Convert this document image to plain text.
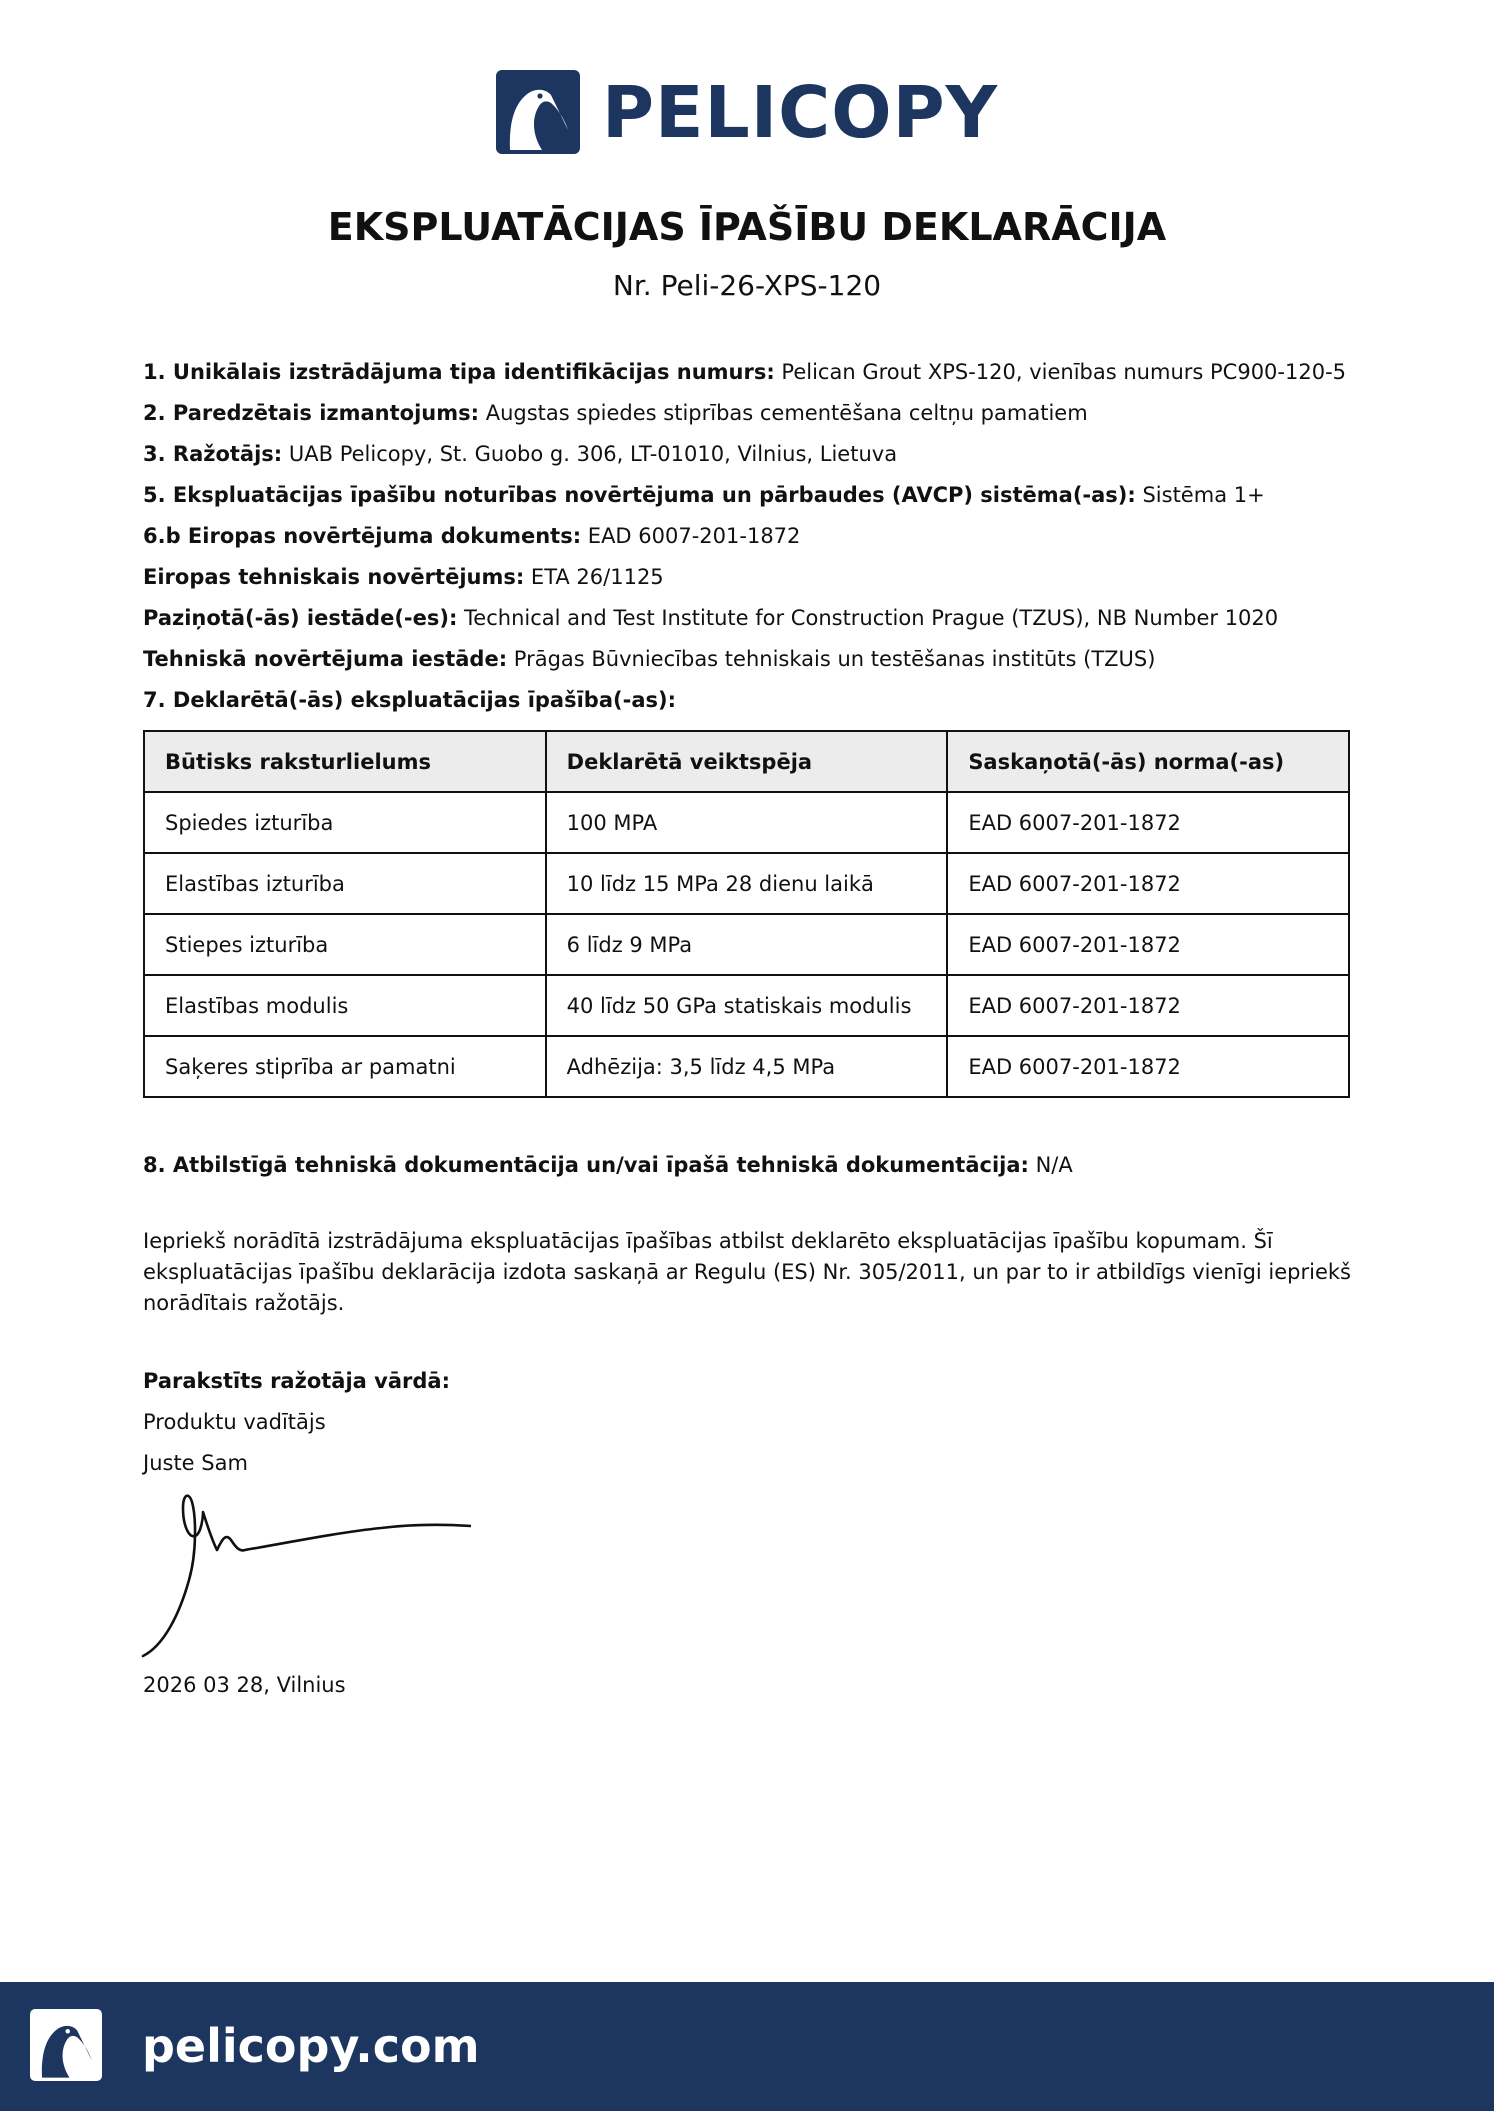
PELICOPY
EKSPLUATĀCIJAS ĪPAŠĪBU DEKLARĀCIJA
Nr. Peli-26-XPS-120
1. Unikālais izstrādājuma tipa identifikācijas numurs: Pelican Grout XPS-120, vienības numurs PC900-120-5
2. Paredzētais izmantojums: Augstas spiedes stiprības cementēšana celtņu pamatiem
3. Ražotājs: UAB Pelicopy, St. Guobo g. 306, LT-01010, Vilnius, Lietuva
5. Ekspluatācijas īpašību noturības novērtējuma un pārbaudes (AVCP) sistēma(-as): Sistēma 1+
6.b Eiropas novērtējuma dokuments: EAD 6007-201-1872
Eiropas tehniskais novērtējums: ETA 26/1125
Paziņotā(-ās) iestāde(-es): Technical and Test Institute for Construction Prague (TZUS), NB Number 1020
Tehniskā novērtējuma iestāde: Prāgas Būvniecības tehniskais un testēšanas institūts (TZUS)
7. Deklarētā(-ās) ekspluatācijas īpašība(-as):
Būtisks raksturlielums	Deklarētā veiktspēja	Saskaņotā(-ās) norma(-as)
Spiedes izturība	100 MPA	EAD 6007-201-1872
Elastības izturība	10 līdz 15 MPa 28 dienu laikā	EAD 6007-201-1872
Stiepes izturība	6 līdz 9 MPa	EAD 6007-201-1872
Elastības modulis	40 līdz 50 GPa statiskais modulis	EAD 6007-201-1872
Saķeres stiprība ar pamatni	Adhēzija: 3,5 līdz 4,5 MPa	EAD 6007-201-1872
8. Atbilstīgā tehniskā dokumentācija un/vai īpašā tehniskā dokumentācija: N/A
Iepriekš norādītā izstrādājuma ekspluatācijas īpašības atbilst deklarēto ekspluatācijas īpašību kopumam. Šī ekspluatācijas īpašību deklarācija izdota saskaņā ar Regulu (ES) Nr. 305/2011, un par to ir atbildīgs vienīgi iepriekš norādītais ražotājs.
Parakstīts ražotāja vārdā:
Produktu vadītājs
Juste Sam
2026 03 28, Vilnius
pelicopy.com
